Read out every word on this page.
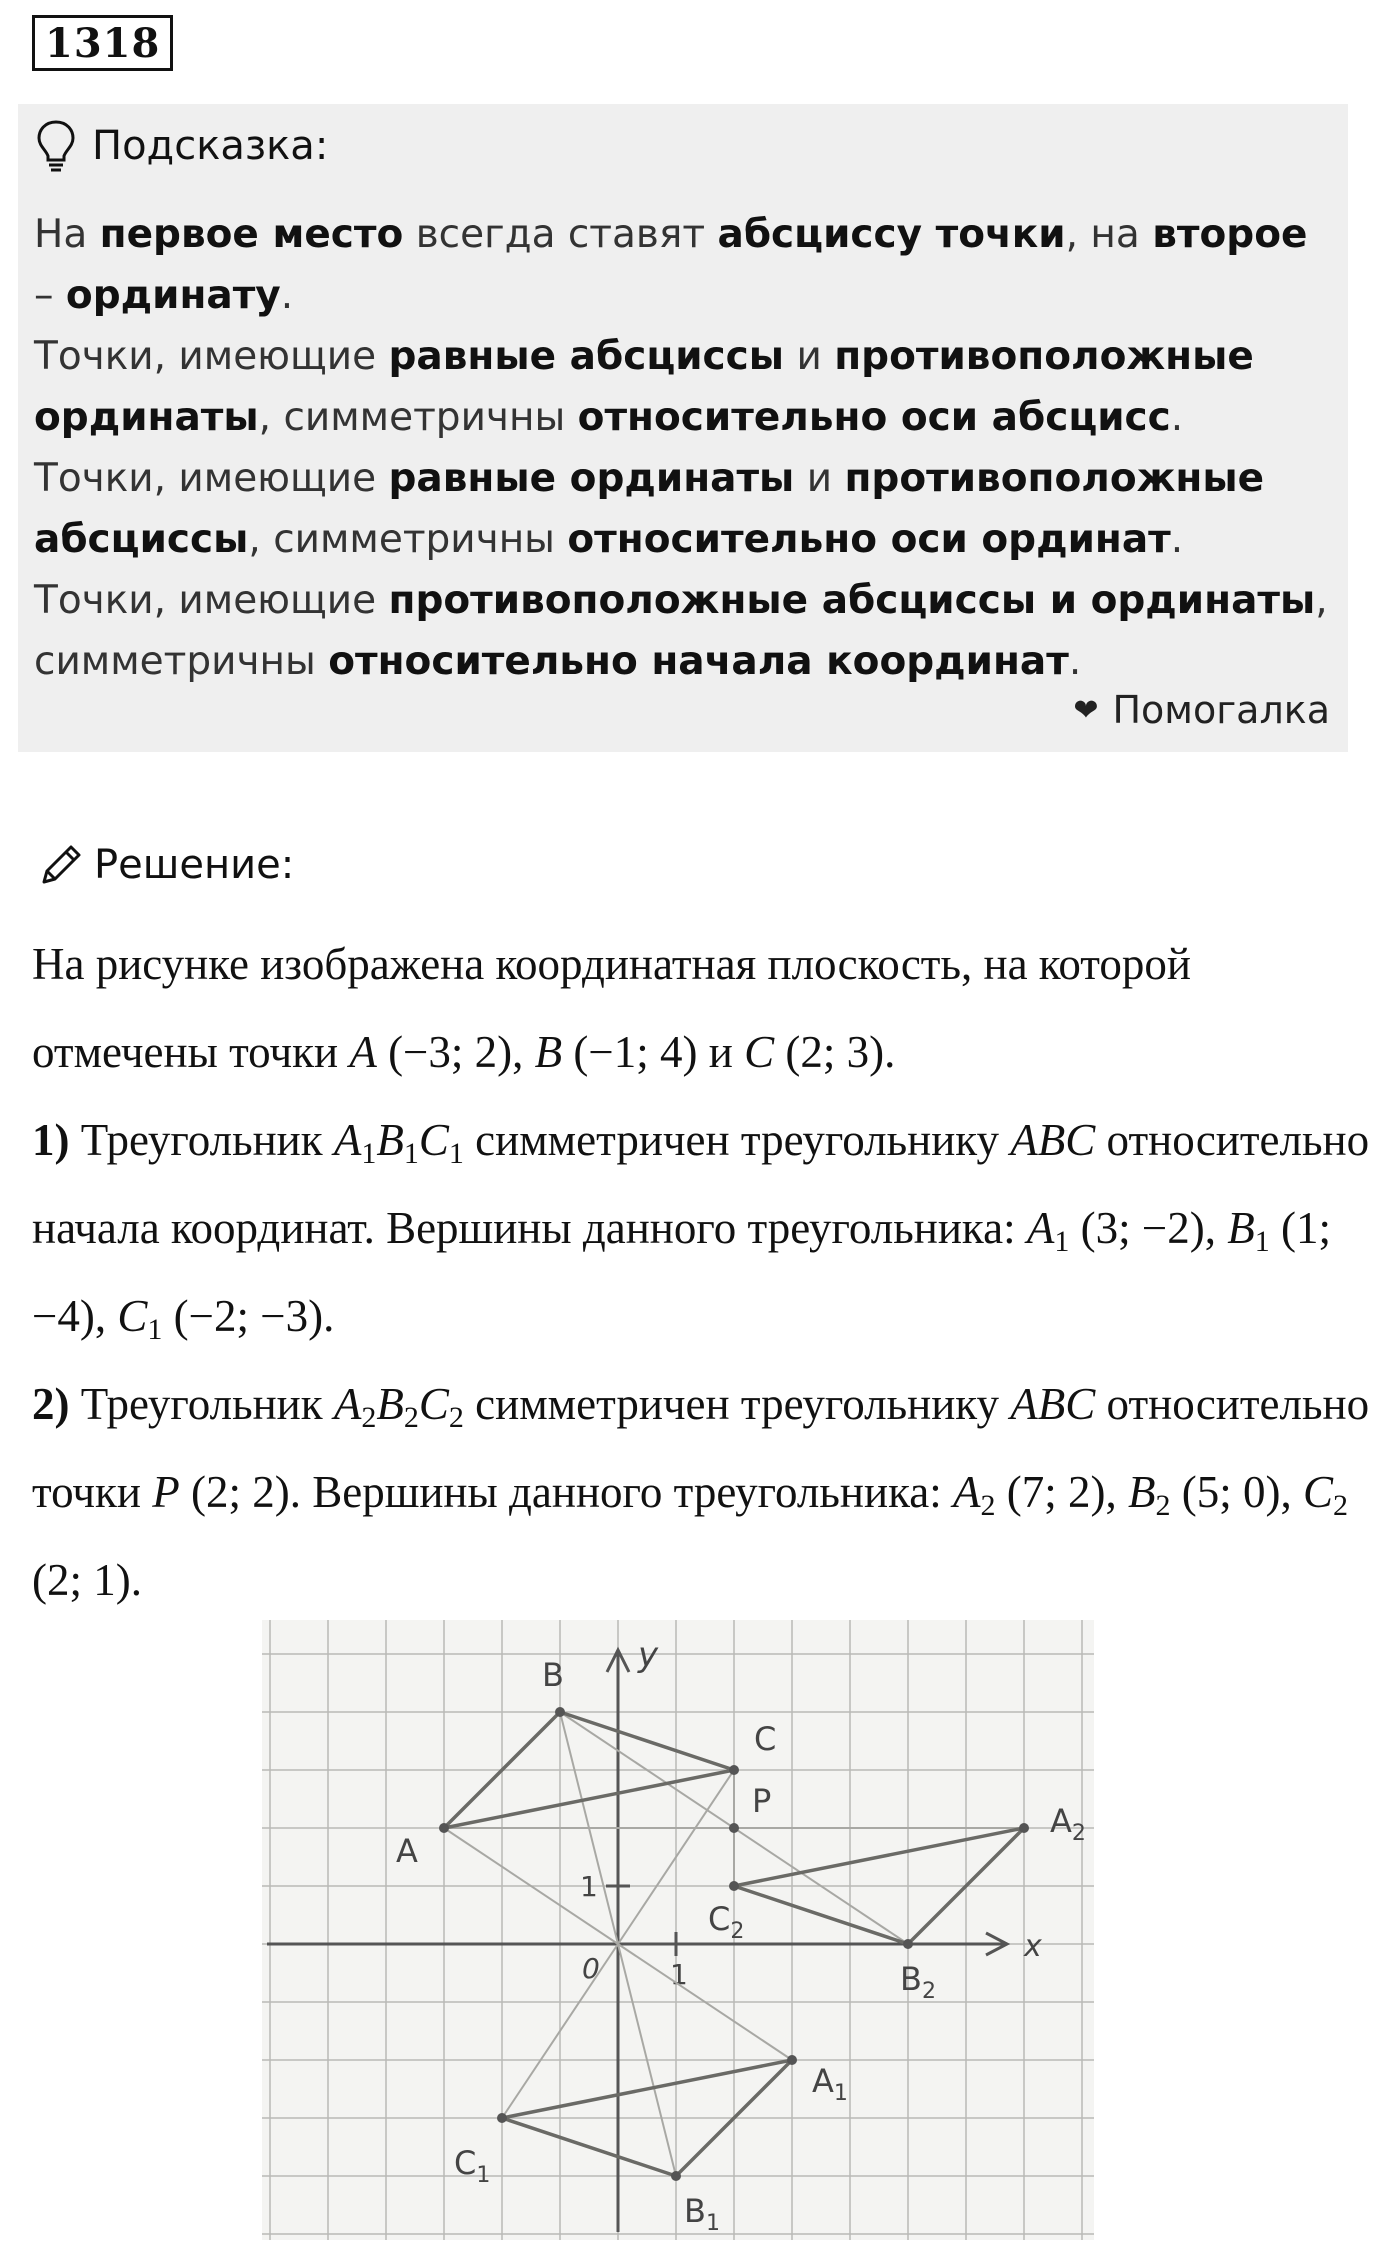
1318
Подсказка:

На первое место всегда ставят абсциссу точки, на второе – ординату.

Точки, имеющие равные абсциссы и противоположные ординаты, симметричны относительно оси абсцисс.

Точки, имеющие равные ординаты и противоположные абсциссы, симметричны относительно оси ординат.

Точки, имеющие противоположные абсциссы и ординаты, симметричны относительно начала координат.

❤ Помогалка
Решение:

На рисунке изображена координатная плоскость, на которой отмечены точки A (−3; 2), B (−1; 4) и C (2; 3).

1) Треугольник $A_1B_1C_1$ симметричен треугольнику ABC относительно начала координат. Вершины данного треугольника: $A_1$ (3; −2), $B_1$ (1; −4), $C_1$ (−2; −3).

2) Треугольник $A_2B_2C_2$ симметричен треугольнику ABC относительно точки P (2; 2). Вершины данного треугольника: $A_2$ (7; 2), $B_2$ (5; 0), $C_2$ (2; 1).

x
y
0	1
1
A
B
C
P
$A_2$
$B_2$
$C_2$
$A_1$
$B_1$
$C_1$
